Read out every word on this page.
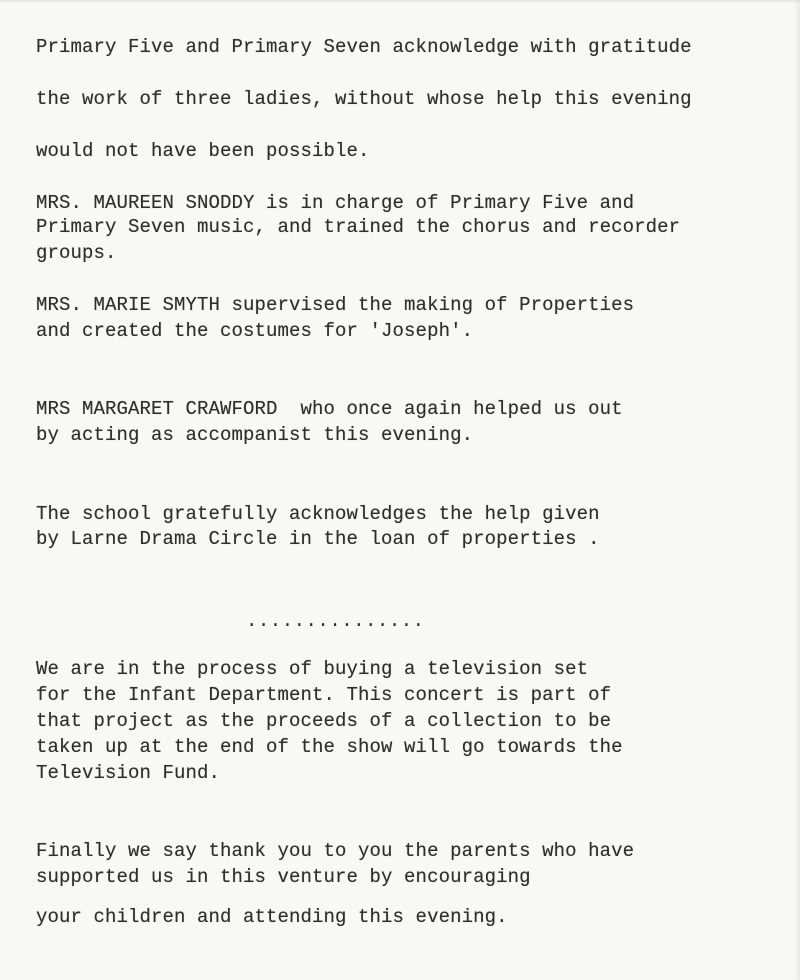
Primary Five and Primary Seven acknowledge with gratitude
the work of three ladies, without whose help this evening
would not have been possible.
MRS. MAUREEN SNODDY is in charge of Primary Five and
Primary Seven music, and trained the chorus and recorder
groups.
MRS. MARIE SMYTH supervised the making of Properties
and created the costumes for 'Joseph'.
MRS MARGARET CRAWFORD  who once again helped us out
by acting as accompanist this evening.
The school gratefully acknowledges the help given
by Larne Drama Circle in the loan of properties .
...............
We are in the process of buying a television set
for the Infant Department. This concert is part of
that project as the proceeds of a collection to be
taken up at the end of the show will go towards the
Television Fund.
Finally we say thank you to you the parents who have
supported us in this venture by encouraging
your children and attending this evening.
